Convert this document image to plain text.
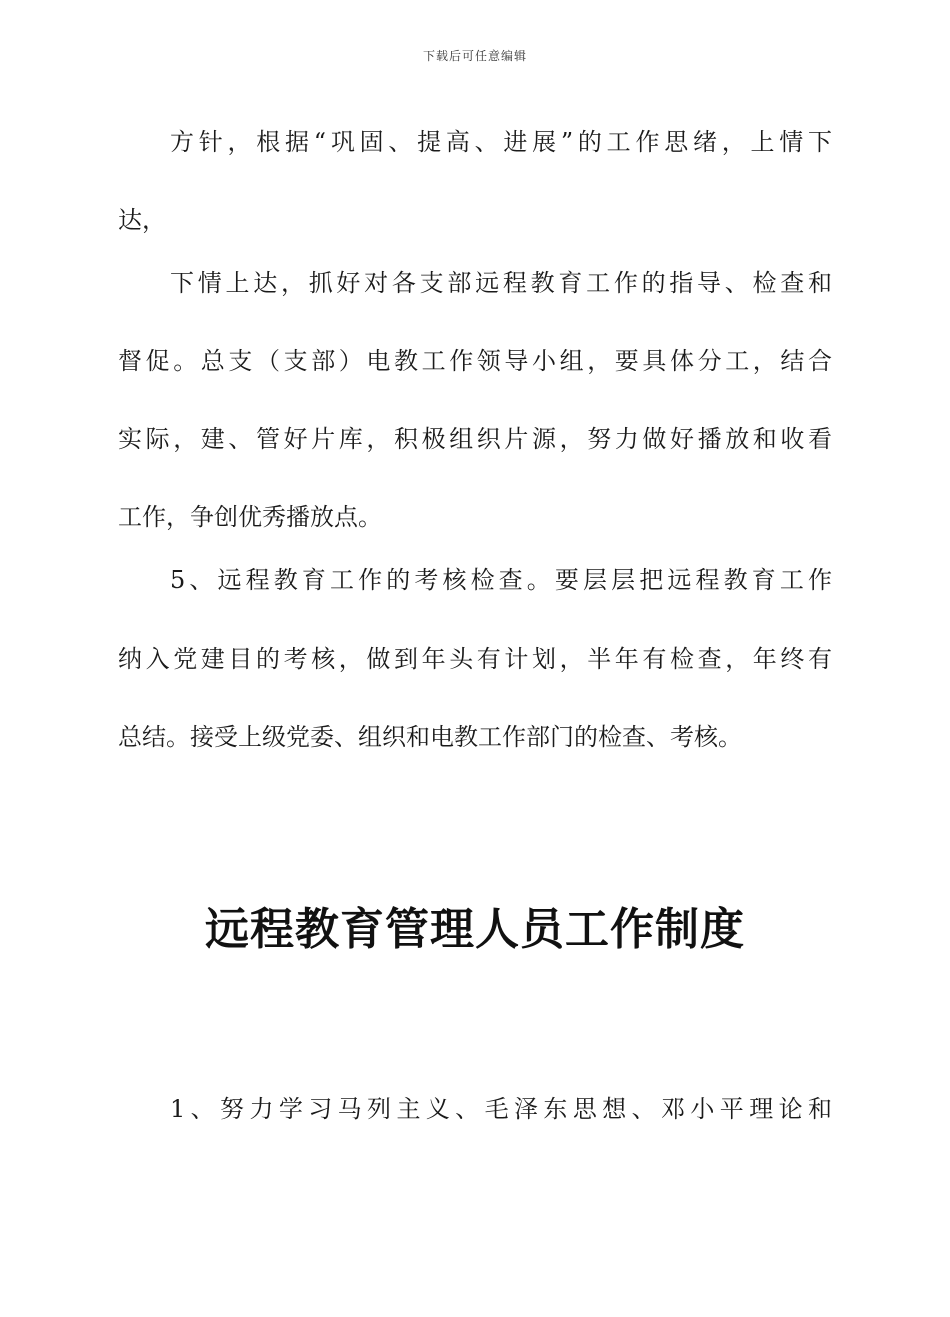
下载后可任意编辑
方针，根据“巩固、提高、进展”的工作思绪，上情下
达，
下情上达，抓好对各支部远程教育工作的指导、检查和
督促。总支（支部）电教工作领导小组，要具体分工，结合
实际，建、管好片库，积极组织片源，努力做好播放和收看
工作，争创优秀播放点。
5、远程教育工作的考核检查。要层层把远程教育工作
纳入党建目的考核，做到年头有计划，半年有检查，年终有
总结。接受上级党委、组织和电教工作部门的检查、考核。
远程教育管理人员工作制度
1、努力学习马列主义、毛泽东思想、邓小平理论和
